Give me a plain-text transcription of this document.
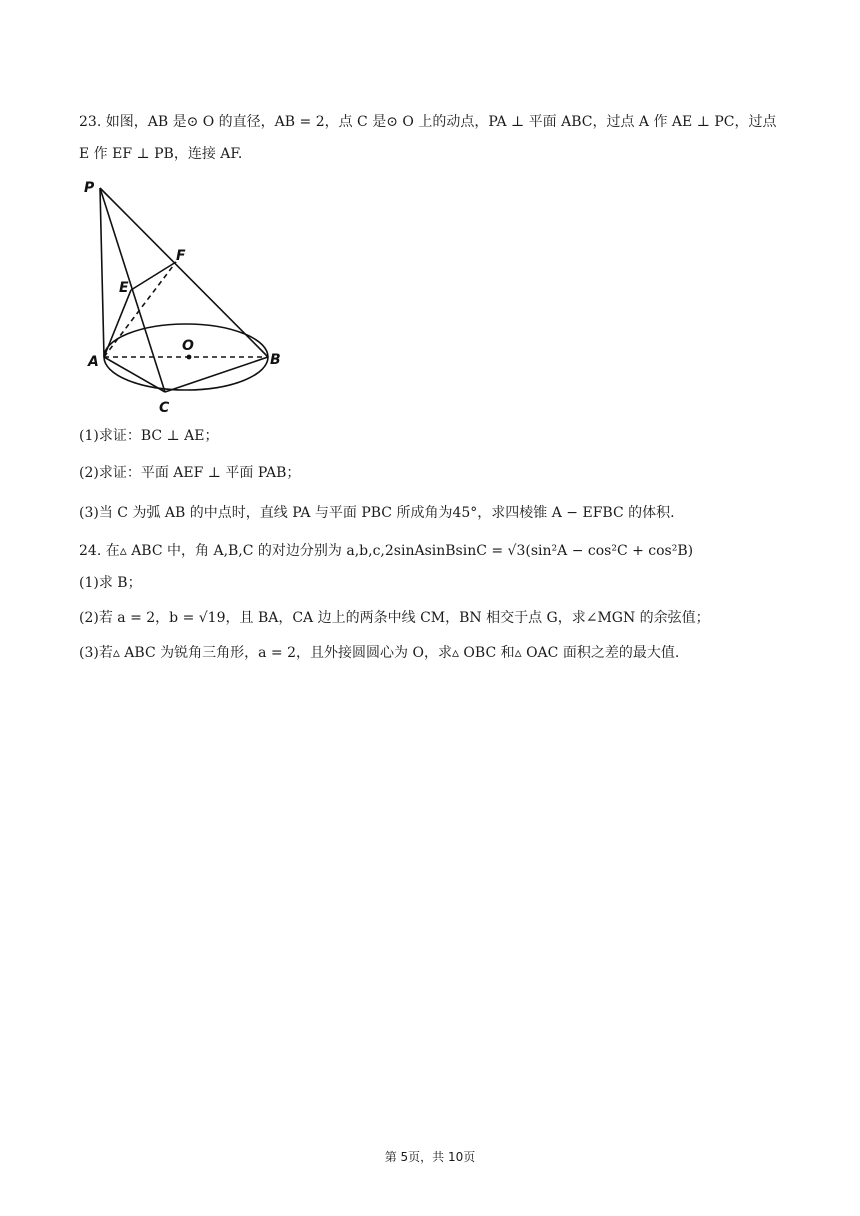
23. 如图，AB 是⊙ O 的直径，AB = 2，点 C 是⊙ O 上的动点，PA ⊥ 平面 ABC，过点 A 作 AE ⊥ PC，过点
E 作 EF ⊥ PB，连接 AF.
P
F
E
O
A	B
C
(1)求证：BC ⊥ AE；
(2)求证：平面 AEF ⊥ 平面 PAB；
(3)当 C 为弧 AB 的中点时，直线 PA 与平面 PBC 所成角为45°，求四棱锥 A − EFBC 的体积.
24. 在▵ ABC 中，角 A,B,C 的对边分别为 a,b,c,2sinAsinBsinC = √3(sin²A − cos²C + cos²B)
(1)求 B；
(2)若 a = 2，b = √19，且 BA，CA 边上的两条中线 CM，BN 相交于点 G，求∠MGN 的余弦值；
(3)若▵ ABC 为锐角三角形，a = 2，且外接圆圆心为 O，求▵ OBC 和▵ OAC 面积之差的最大值.
第 5页，共 10页
